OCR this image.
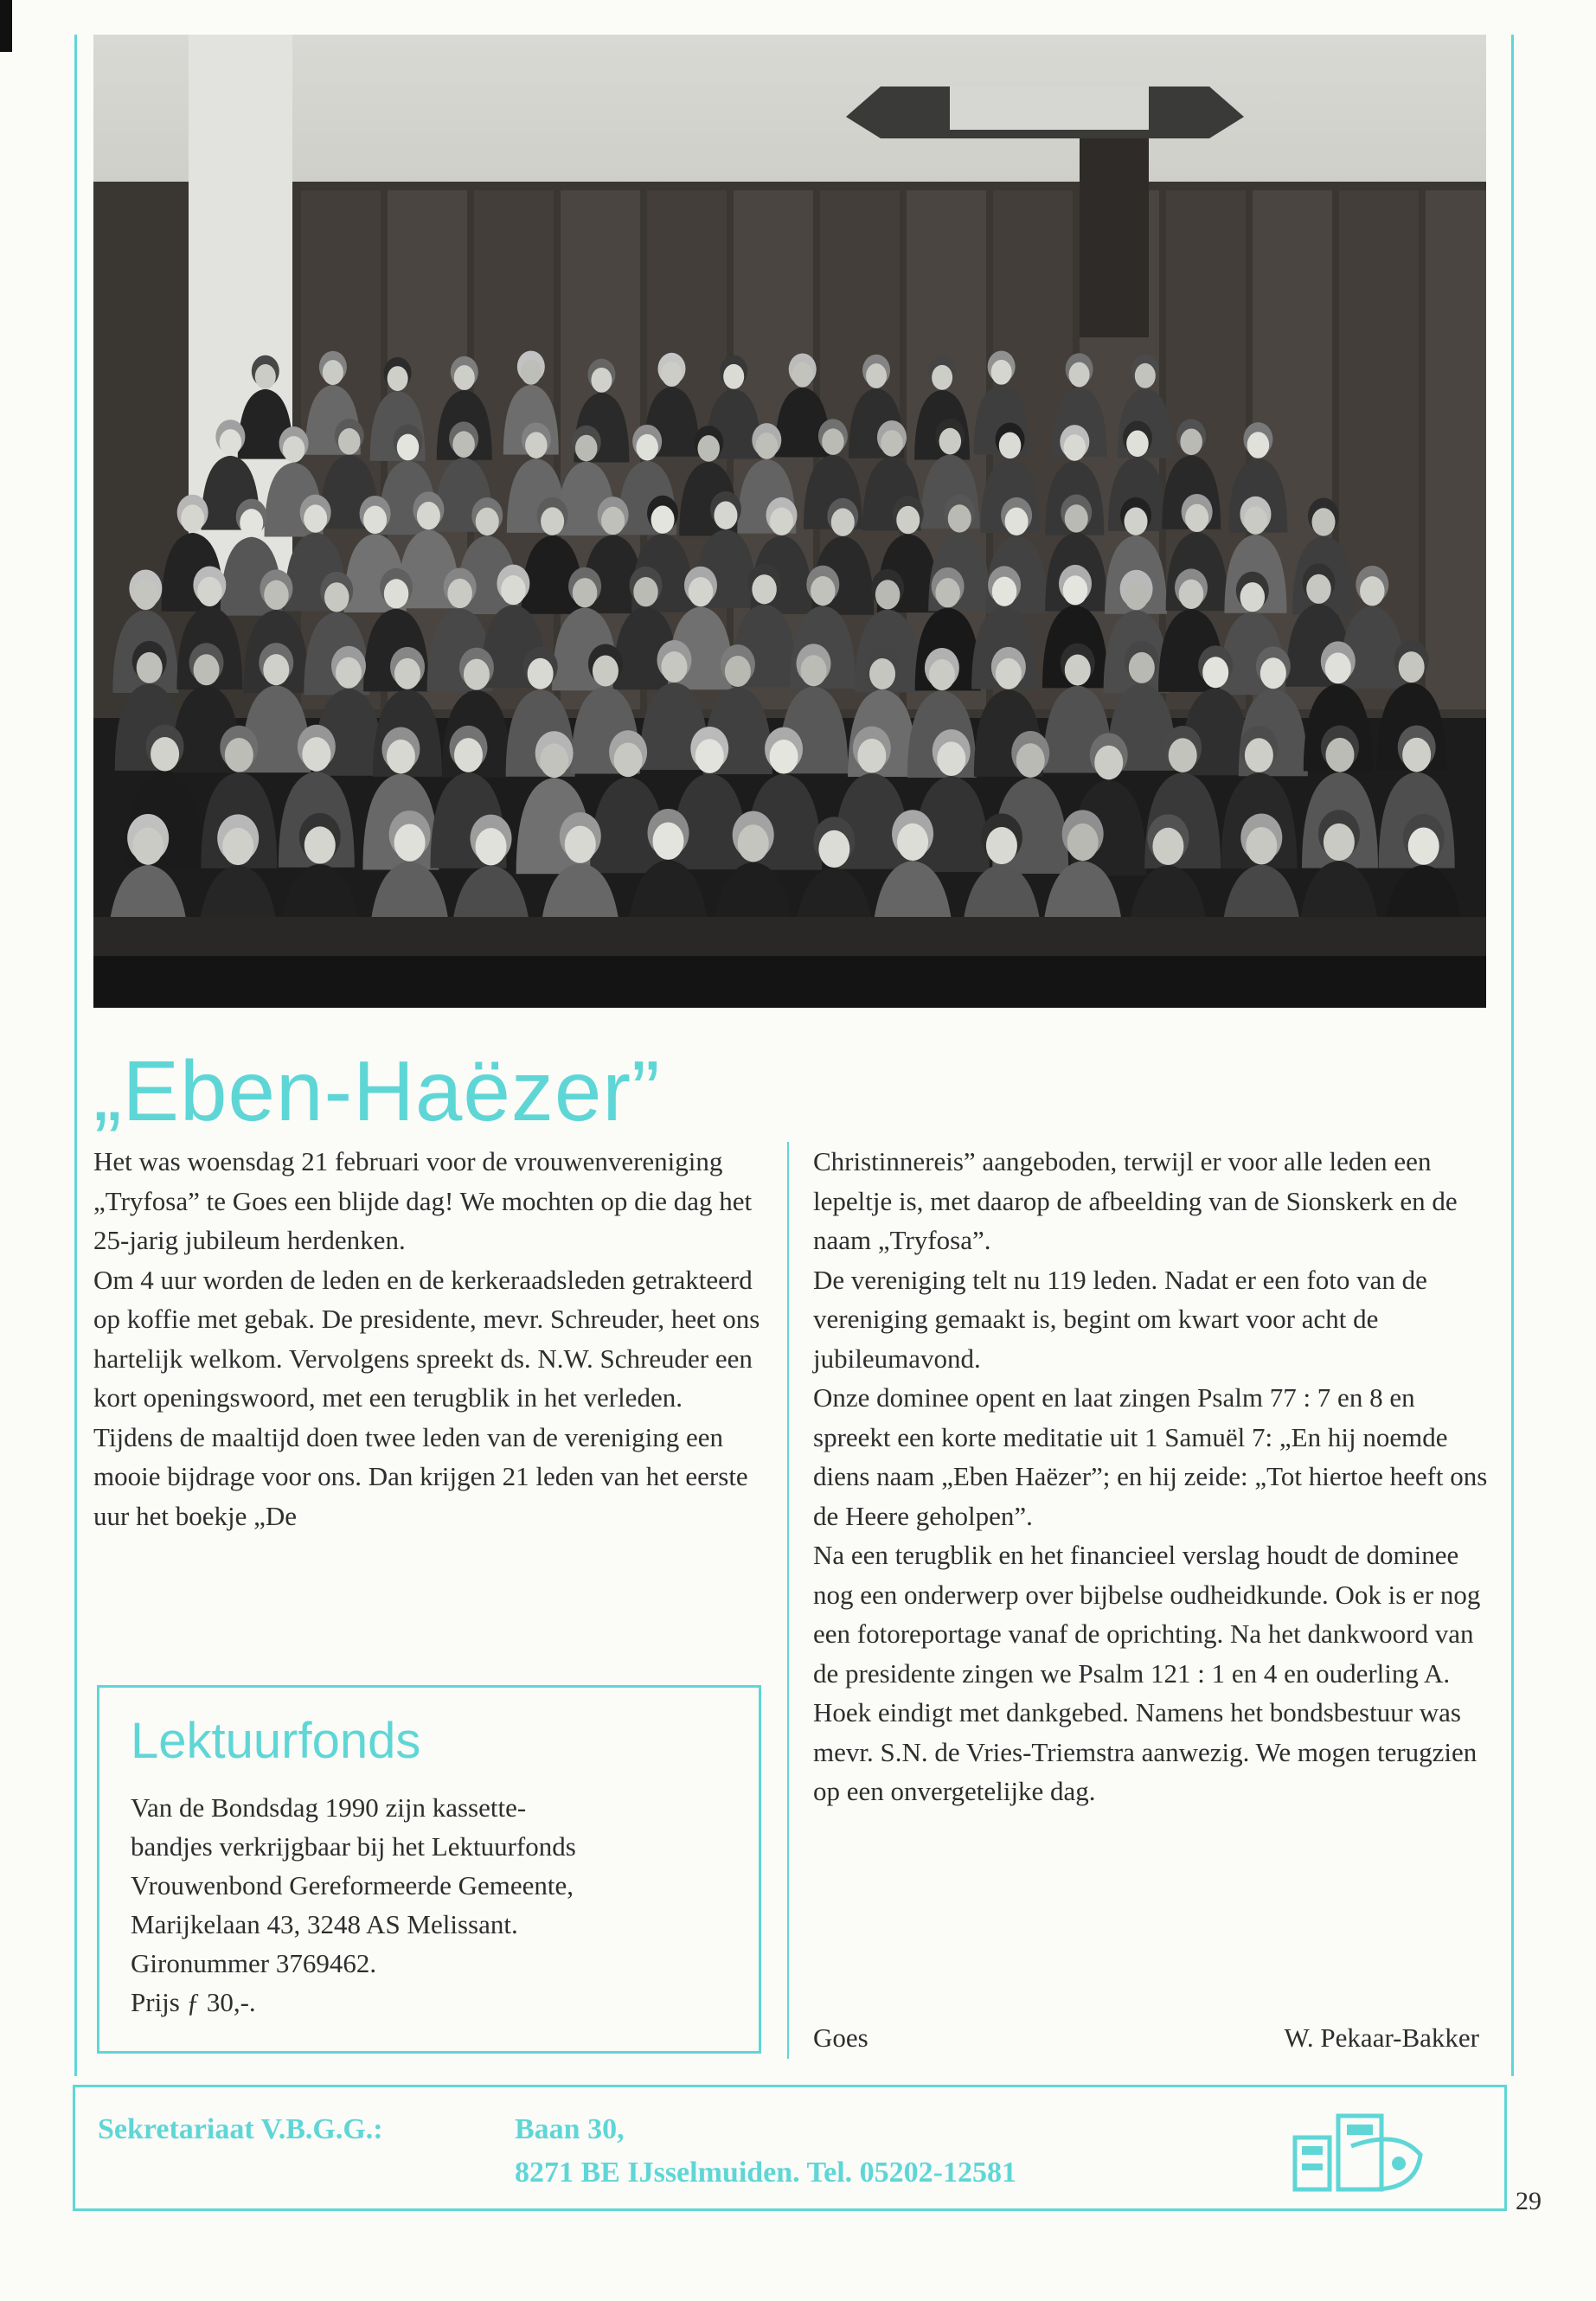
„Eben-Haëzer”

Het was woensdag 21 februari voor de vrouwenvereniging „Tryfosa” te Goes een blijde dag! We mochten op die dag het 25-jarig jubileum herdenken.

Om 4 uur worden de leden en de kerkeraadsleden getrakteerd op koffie met gebak. De presidente, mevr. Schreuder, heet ons hartelijk welkom. Vervolgens spreekt ds. N.W. Schreuder een kort openingswoord, met een terugblik in het verleden. Tijdens de maaltijd doen twee leden van de vereniging een mooie bijdrage voor ons. Dan krijgen 21 leden van het eerste uur het boekje „De

Christinnereis” aangeboden, terwijl er voor alle leden een lepeltje is, met daarop de afbeelding van de Sionskerk en de naam „Tryfosa”.

De vereniging telt nu 119 leden. Nadat er een foto van de vereniging gemaakt is, begint om kwart voor acht de jubileumavond.

Onze dominee opent en laat zingen Psalm 77 : 7 en 8 en spreekt een korte meditatie uit 1 Samuël 7: „En hij noemde diens naam „Eben Haëzer”; en hij zeide: „Tot hiertoe heeft ons de Heere geholpen”.

Na een terugblik en het financieel verslag houdt de dominee nog een onderwerp over bijbelse oudheidkunde. Ook is er nog een fotoreportage vanaf de oprichting. Na het dankwoord van de presidente zingen we Psalm 121 : 1 en 4 en ouderling A. Hoek eindigt met dankgebed. Namens het bondsbestuur was mevr. S.N. de Vries-Triemstra aanwezig. We mogen terugzien op een onvergetelijke dag.

Lektuurfonds

Van de Bondsdag 1990 zijn kassette-

bandjes verkrijgbaar bij het Lektuurfonds

Vrouwenbond Gereformeerde Gemeente,

Marijkelaan 43, 3248 AS Melissant.

Gironummer 3769462.

Prijs ƒ 30,-.

Goes	W. Pekaar-Bakker
Sekretariaat V.B.G.G.:	Baan 30,
8271 BE IJsselmuiden. Tel. 05202-12581
29
